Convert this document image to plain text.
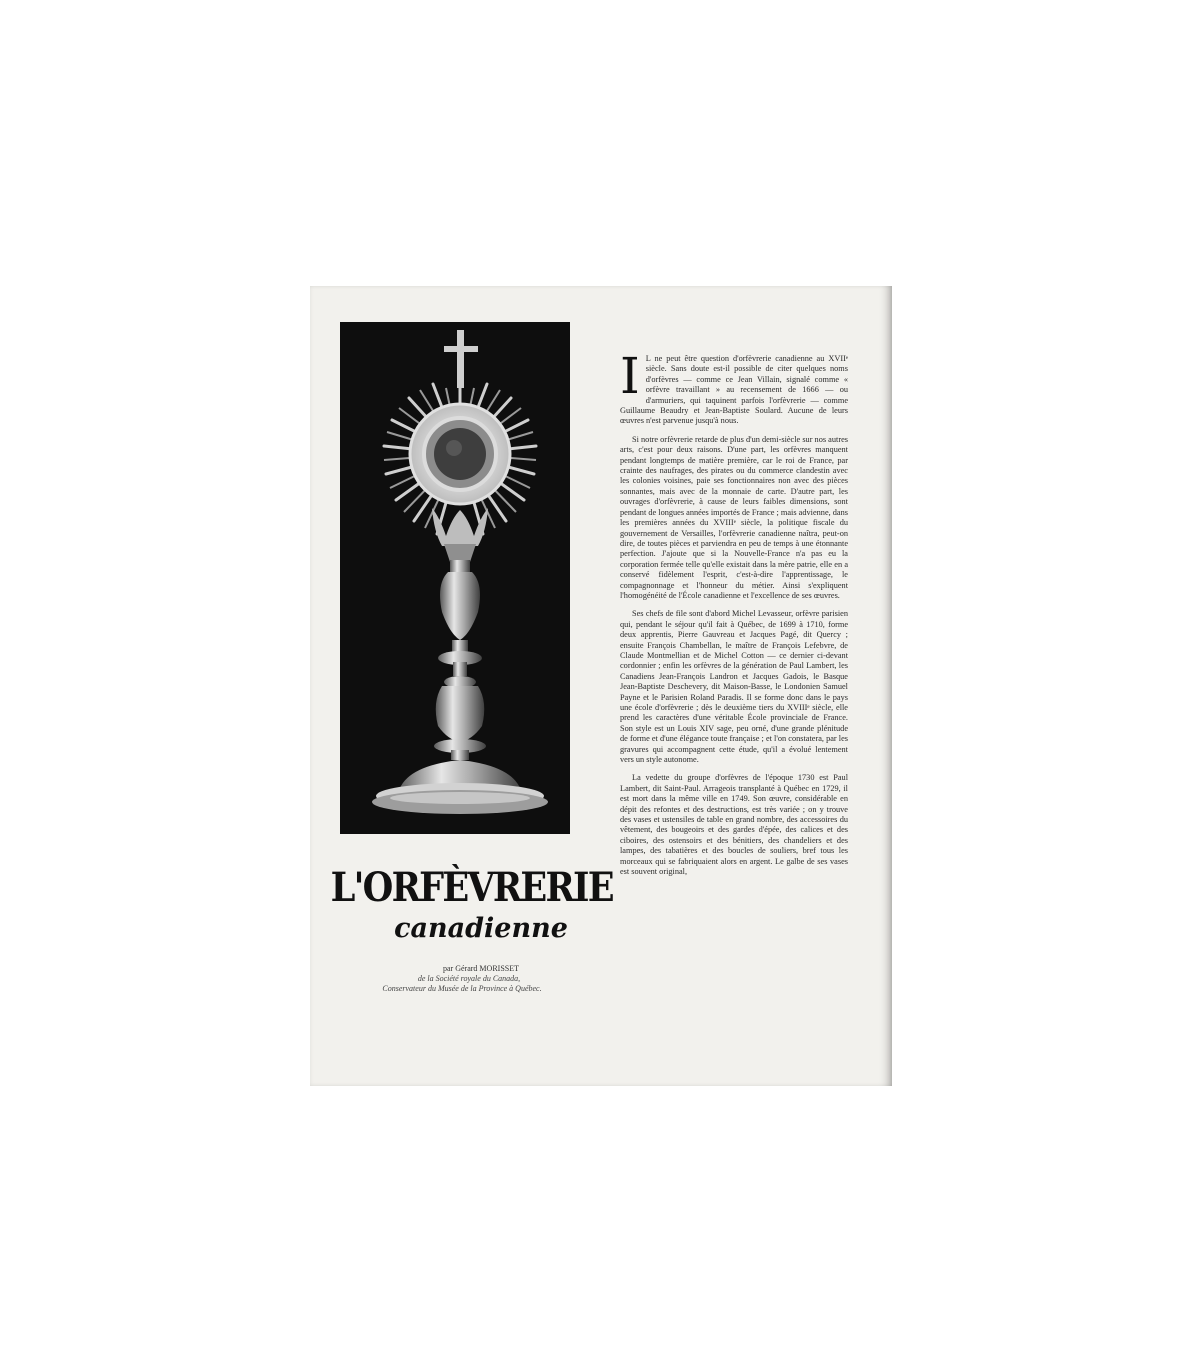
L'ORFÈVRERIE
canadienne
par Gérard MORISSET
de la Société royale du Canada,
Conservateur du Musée de la Province à Québec.

I L ne peut être question d'orfèvrerie canadienne au XVIIᵉ siècle. Sans doute est-il possible de citer quelques noms d'orfèvres — comme ce Jean Villain, signalé comme « orfèvre travaillant » au recensement de 1666 — ou d'armuriers, qui taquinent parfois l'orfèvrerie — comme Guillaume Beaudry et Jean-Baptiste Soulard. Aucune de leurs œuvres n'est parvenue jusqu'à nous.

Si notre orfèvrerie retarde de plus d'un demi-siècle sur nos autres arts, c'est pour deux raisons. D'une part, les orfèvres manquent pendant longtemps de matière première, car le roi de France, par crainte des naufrages, des pirates ou du commerce clandestin avec les colonies voisines, paie ses fonctionnaires non avec des pièces sonnantes, mais avec de la monnaie de carte. D'autre part, les ouvrages d'orfèvrerie, à cause de leurs faibles dimensions, sont pendant de longues années importés de France ; mais advienne, dans les premières années du XVIIIᵉ siècle, la politique fiscale du gouvernement de Versailles, l'orfèvrerie canadienne naîtra, peut-on dire, de toutes pièces et parviendra en peu de temps à une étonnante perfection. J'ajoute que si la Nouvelle-France n'a pas eu la corporation fermée telle qu'elle existait dans la mère patrie, elle en a conservé fidèlement l'esprit, c'est-à-dire l'apprentissage, le compagnonnage et l'honneur du métier. Ainsi s'expliquent l'homogénéité de l'École canadienne et l'excellence de ses œuvres.

Ses chefs de file sont d'abord Michel Levasseur, orfèvre parisien qui, pendant le séjour qu'il fait à Québec, de 1699 à 1710, forme deux apprentis, Pierre Gauvreau et Jacques Pagé, dit Quercy ; ensuite François Chambellan, le maître de François Lefebvre, de Claude Montmellian et de Michel Cotton — ce dernier ci-devant cordonnier ; enfin les orfèvres de la génération de Paul Lambert, les Canadiens Jean-François Landron et Jacques Gadois, le Basque Jean-Baptiste Deschevery, dit Maison-Basse, le Londonien Samuel Payne et le Parisien Roland Paradis. Il se forme donc dans le pays une école d'orfèvrerie ; dès le deuxième tiers du XVIIIᵉ siècle, elle prend les caractères d'une véritable École provinciale de France. Son style est un Louis XIV sage, peu orné, d'une grande plénitude de forme et d'une élégance toute française ; et l'on constatera, par les gravures qui accompagnent cette étude, qu'il a évolué lentement vers un style autonome.

La vedette du groupe d'orfèvres de l'époque 1730 est Paul Lambert, dit Saint-Paul. Arrageois transplanté à Québec en 1729, il est mort dans la même ville en 1749. Son œuvre, considérable en dépit des refontes et des destructions, est très variée ; on y trouve des vases et ustensiles de table en grand nombre, des accessoires du vêtement, des bougeoirs et des gardes d'épée, des calices et des ciboires, des ostensoirs et des bénitiers, des chandeliers et des lampes, des tabatières et des boucles de souliers, bref tous les morceaux qui se fabriquaient alors en argent. Le galbe de ses vases est souvent original,
